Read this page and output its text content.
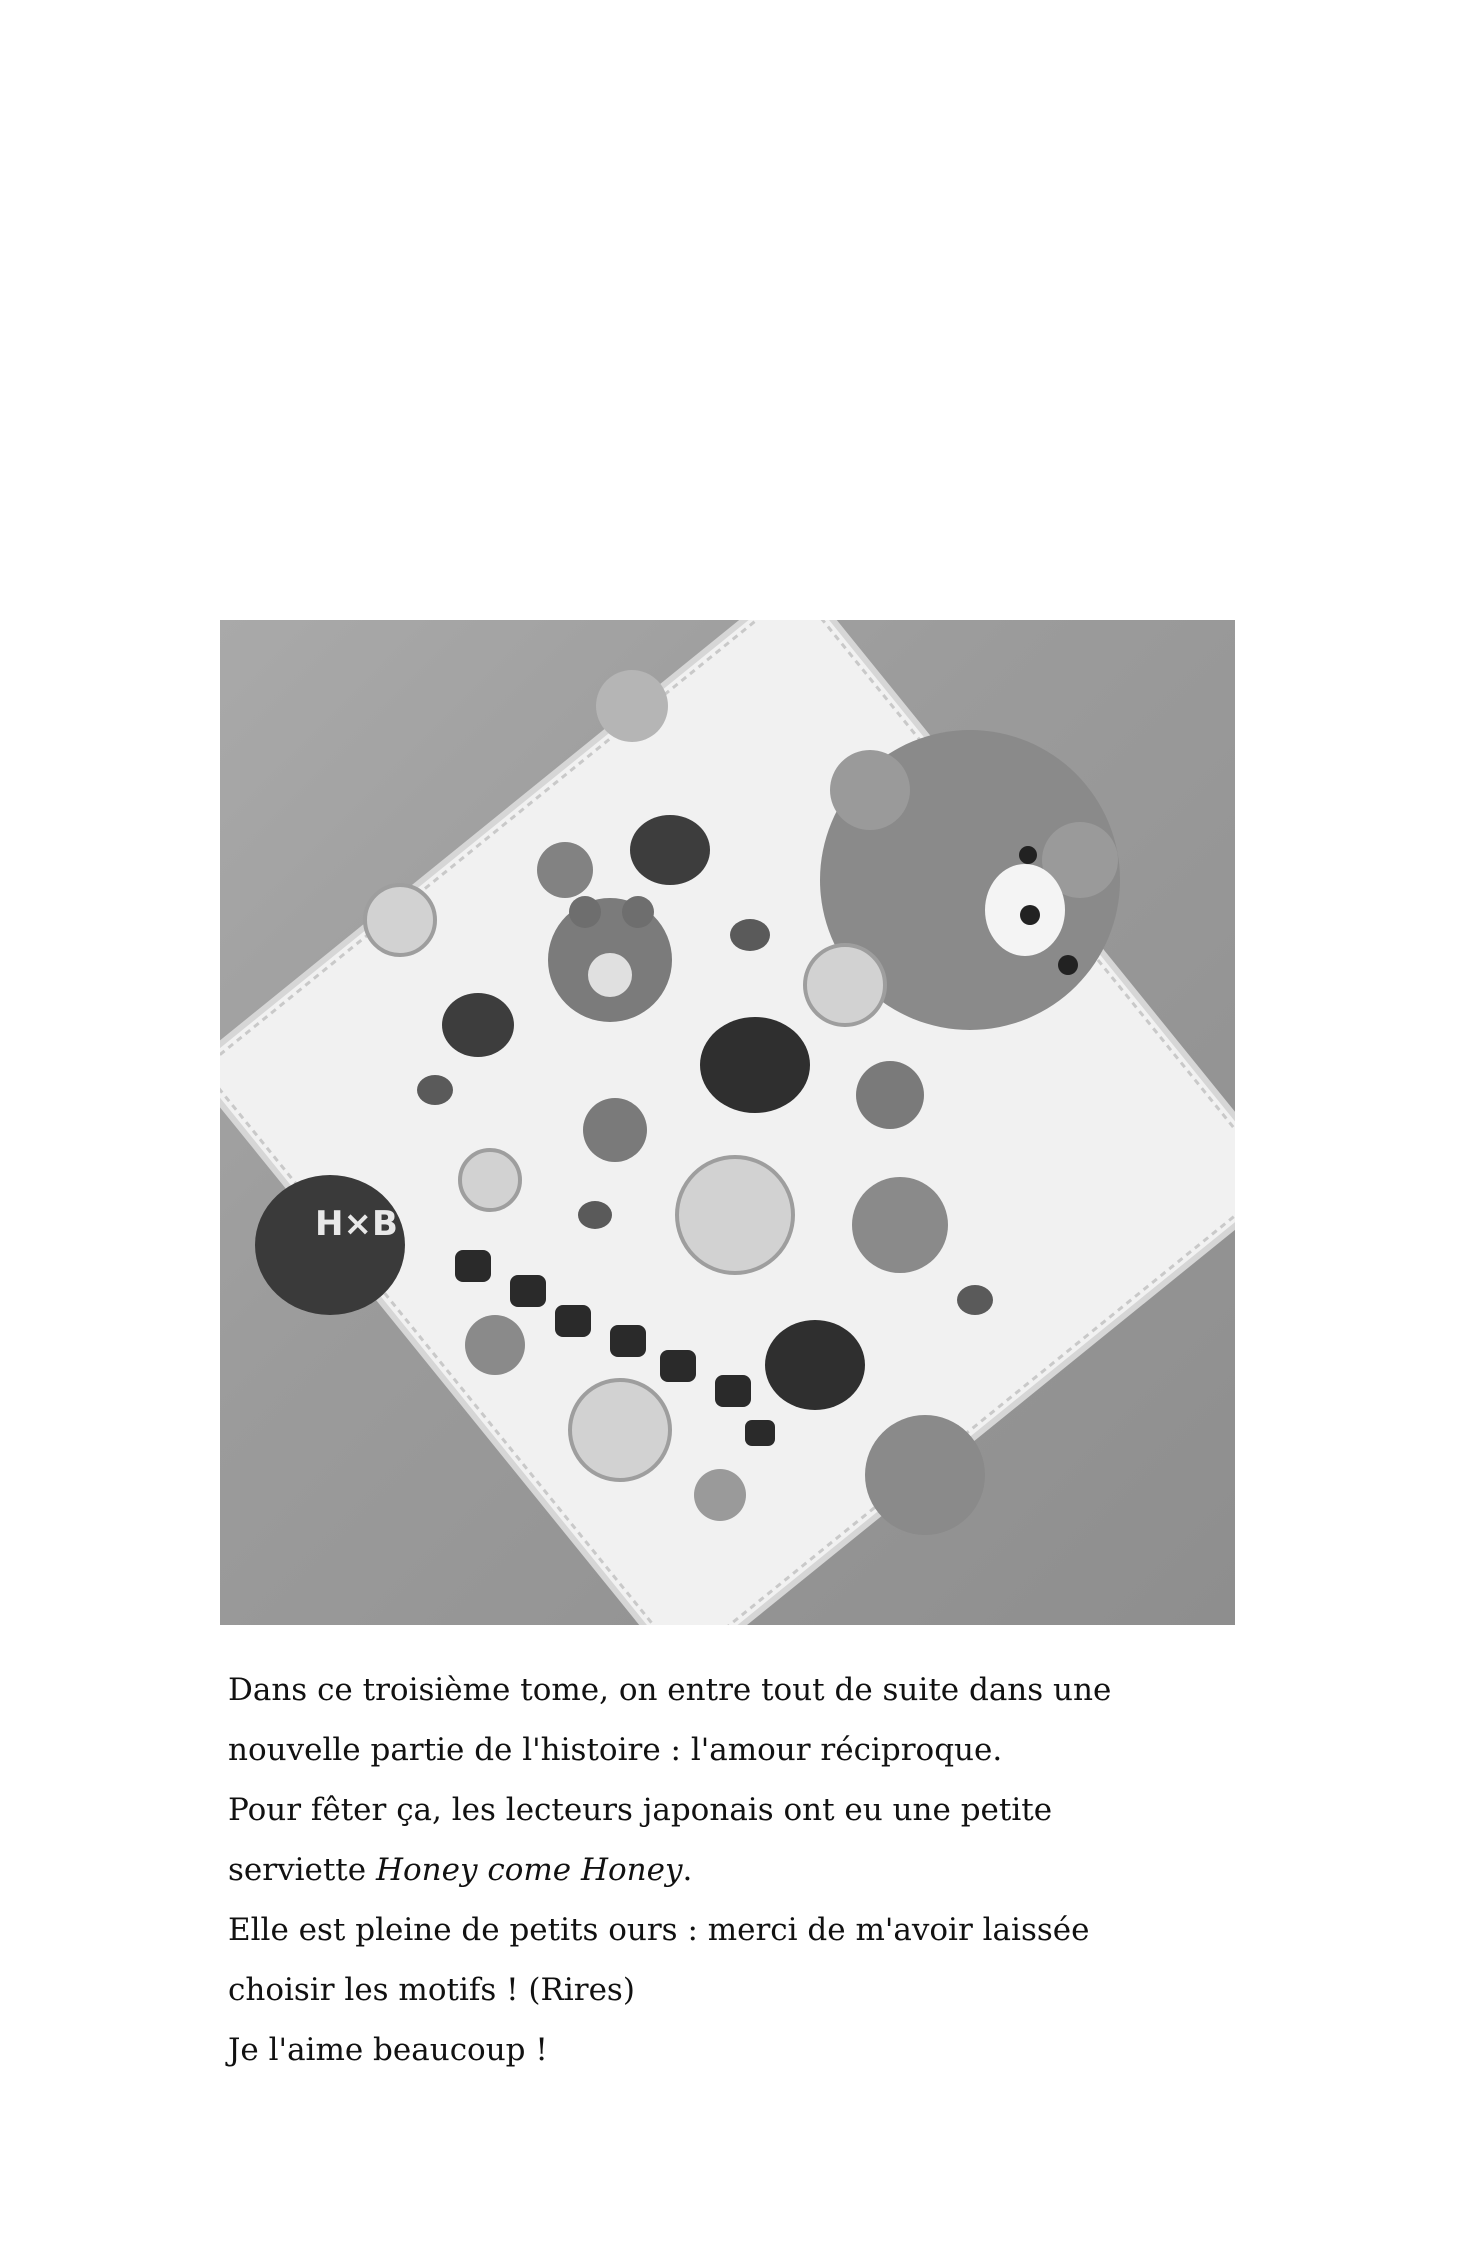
H×B
Dans ce troisième tome, on entre tout de suite dans une
nouvelle partie de l'histoire : l'amour réciproque.
Pour fêter ça, les lecteurs japonais ont eu une petite
serviette Honey come Honey.
Elle est pleine de petits ours : merci de m'avoir laissée
choisir les motifs ! (Rires)
Je l'aime beaucoup !
